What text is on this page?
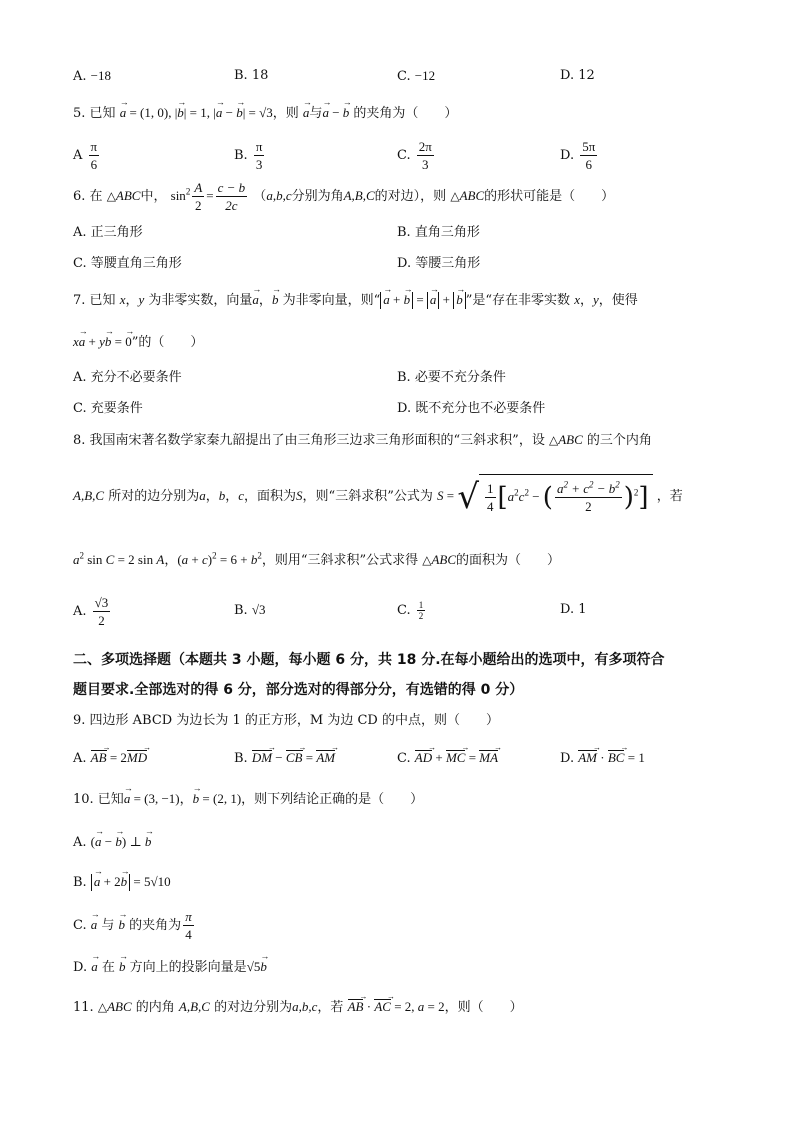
A. −18	B. 18	C. −12	D. 12
5. 已知 → a = (1, 0), |→ b| = 1, |→ a − → b| = √3，则 → a与→ a − → b 的夹角为（　　）
A $\frac{\pi}{6}$	B. $\frac{\pi}{3}$	C. $\frac{2\pi}{3}$	D. $\frac{5\pi}{6}$
6. 在 △ABC中， $\sin^2 \frac{A}{2} = \frac{c - b}{2c} (a,b,c$分别为角A,B,C的对边），则 △ABC的形状可能是（　　）
A. 正三角形	B. 直角三角形
C. 等腰直角三角形	D. 等腰三角形
7. 已知 x，y 为非零实数，向量→ a，→ b 为非零向量，则“ → a + → b = → a + → b ”是“存在非零实数 x，y，使得
x→ a + y→ b = → 0”的（　　）
A. 充分不必要条件	B. 必要不充分条件
C. 充要条件	D. 既不充分也不必要条件
8. 我国南宋著名数学家秦九韶提出了由三角形三边求三角形面积的“三斜求积”，设 △ABC 的三个内角
A,B,C 所对的边分别为a，b，c，面积为S，则“三斜求积”公式为 S = √ $\frac{1}{4} [a^2c^2$ − ( $\frac{a^2 + c^2 - b^2}{2} )^2$] ，若
$a^2$ sin C = 2 sin A，$(a + c)^2 = 6 + b^2$，则用“三斜求积”公式求得 △ABC的面积为（　　）
A. $\frac{√3}{2}$	B. √3	C. $\frac{1}{2}$	D. 1
二、多项选择题（本题共 3 小题，每小题 6 分，共 18 分.在每小题给出的选项中，有多项符合
题目要求.全部选对的得 6 分，部分选对的得部分分，有选错的得 0 分）
9. 四边形 ABCD 为边长为 1 的正方形，M 为边 CD 的中点，则（　　）
A. AB → = 2MD →	B. DM → − CB → = AM →	C. AD → + MC → = MA →	D. AM → · BC → = 1
10. 已知→ a = (3, −1)，→ b = (2, 1)，则下列结论正确的是（　　）
A. (→ a − → b) ⊥ → b
B. → a + 2→ b = 5√10
C. → a 与 → b 的夹角为 $\frac{\pi}{4}$
D. → a 在 → b 方向上的投影向量是√5→ b
11. △ABC 的内角 A,B,C 的对边分别为a,b,c，若 AB → · AC → = 2, a = 2，则（　　）
